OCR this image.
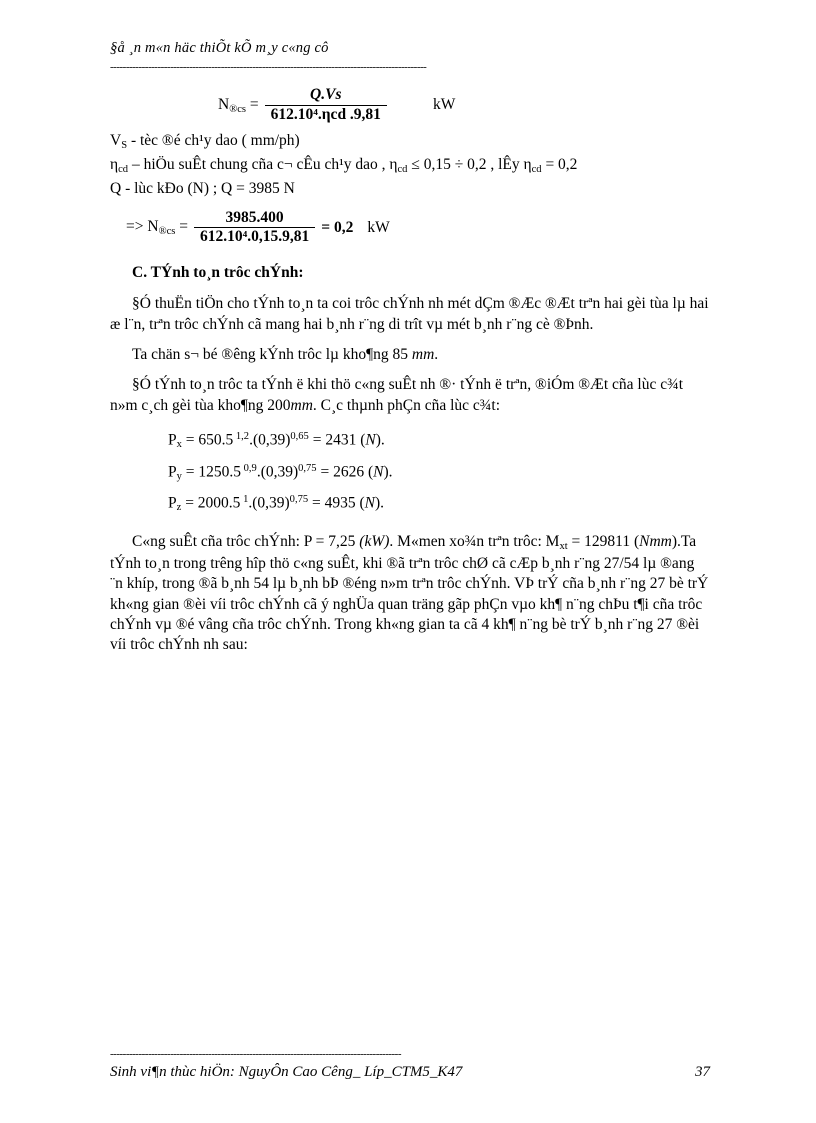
§å ¸n m«n häc thiÕt kÕ m¸y c«ng cô
----------------------------------------------------------------------------------------------------
$N_{®cs} = \frac{Q.Vs}{\text{612.10⁴.ηcd .9,81}}$	kW

$V_S$ - tèc ®é ch¹y dao ( mm/ph)

$\eta_{cd}$ – hiÖu suÊt chung cña c¬ cÊu ch¹y dao , $\eta_{cd} \le 0,15 \div 0,2$ , lÊy $\eta_{cd} = 0,2$

Q - lùc kÐo (N) ; Q = 3985 N

=> $N_{®cs} = \frac{3985.400}{\text{612.10⁴.0,15.9,81}} = 0,2$ kW
C. TÝnh to¸n trôc chÝnh:

§Ó thuËn tiÖn cho tÝnh to¸n ta coi trôc chÝnh nh mét dÇm ®Æc ®Æt trªn hai gèi tùa lµ hai æ l¨n, trªn trôc chÝnh cã mang hai b¸nh r¨ng di trît vµ mét b¸nh r¨ng cè ®Þnh.

Ta chän s¬ bé ®êng kÝnh trôc lµ kho¶ng 85 mm.

§Ó tÝnh to¸n trôc ta tÝnh ë khi thö c«ng suÊt nh ®· tÝnh ë trªn, ®iÓm ®Æt cña lùc c¾t n»m c¸ch gèi tùa kho¶ng 200mm. C¸c thµnh phÇn cña lùc c¾t:

$P_x = 650.5$ $^{1,2}.(0,39)^{0,65} = 2431$ (N).

$P_y = 1250.5$ $^{0,9}.(0,39)^{0,75} = 2626$ (N).

$P_z = 2000.5$ $^1.(0,39)^{0,75} = 4935$ (N).

C«ng suÊt cña trôc chÝnh: P = 7,25 (kW). M«men xo¾n trªn trôc: $M_{xt} = 129811$ (Nmm).Ta tÝnh to¸n trong trêng hîp thö c«ng suÊt, khi ®ã trªn trôc chØ cã cÆp b¸nh r¨ng 27/54 lµ ®ang ¨n khíp, trong ®ã b¸nh 54 lµ b¸nh bÞ ®éng n»m trªn trôc chÝnh. VÞ trÝ cña b¸nh r¨ng 27 bè trÝ kh«ng gian ®èi víi trôc chÝnh cã ý nghÜa quan träng gãp phÇn vµo kh¶ n¨ng chÞu t¶i cña trôc chÝnh vµ ®é vâng cña trôc chÝnh. Trong kh«ng gian ta cã 4 kh¶ n¨ng bè trÝ b¸nh r¨ng 27 ®èi víi trôc chÝnh nh sau:

--------------------------------------------------------------------------------------------
Sinh vi¶n thùc hiÖn: NguyÔn Cao Cêng_ Líp_CTM5_K47	37
